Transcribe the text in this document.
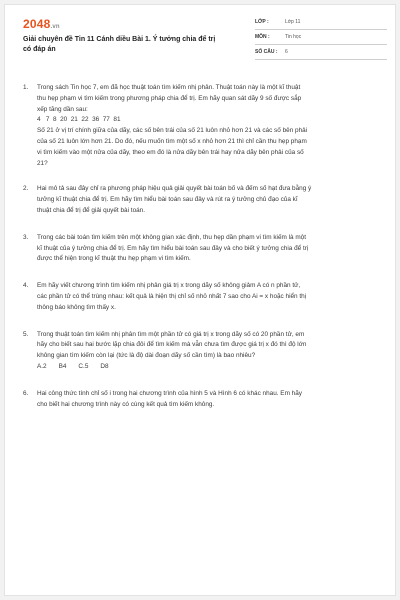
2048.vn
Giải chuyên đề Tin 11 Cánh diều Bài 1. Ý tưởng chia để trị
có đáp án
LỚP :	Lớp 11
MÔN :	Tin học
SỐ CÂU :	6
1.	Trong sách Tin học 7, em đã học thuật toán tìm kiếm nhị phân. Thuật toán này là một kĩ thuật
thu hẹp phạm vi tìm kiếm trong phương pháp chia để trị. Em hãy quan sát dãy 9 số được sắp
xếp tăng dần sau:
4   7  8  20  21  22  36  77  81
Số 21 ở vị trí chính giữa của dãy, các số bên trái của số 21 luôn nhỏ hơn 21 và các số bên phải
của số 21 luôn lớn hơn 21. Do đó, nếu muốn tìm một số x nhỏ hơn 21 thì chỉ cần thu hẹp phạm
vi tìm kiếm vào một nửa của dãy, theo em đó là nửa dãy bên trái hay nửa dãy bên phải của số
21?
2.	Hai mô tả sau đây chỉ ra phương pháp hiệu quả giải quyết bài toán bố và đếm số hạt đưa bằng ý
tưởng kĩ thuật chia để trị. Em hãy tìm hiểu bài toán sau đây và rút ra ý tưởng chủ đạo của kĩ
thuật chia để trị để giải quyết bài toán.
3.	Trong các bài toán tìm kiếm trên một không gian xác định, thu hẹp dần phạm vi tìm kiếm là một
kĩ thuật của ý tưởng chia để trị. Em hãy tìm hiểu bài toán sau đây và cho biết ý tưởng chia để trị
được thể hiện trong kĩ thuật thu hẹp phạm vi tìm kiếm.
4.	Em hãy viết chương trình tìm kiếm nhị phân giá trị x trong dãy số không giảm A có n phần tử,
các phần tử có thể trùng nhau: kết quả là hiện thị chỉ số nhỏ nhất 7 sao cho Ai = x hoặc hiển thị
thông báo không tìm thấy x.
5.	Trong thuật toán tìm kiếm nhị phân tìm một phần tử có giá trị x trong dãy số có 20 phần tử, em
hãy cho biết sau hai bước lặp chia đôi để tìm kiếm mà vẫn chưa tìm được giá trị x đó thì độ lớn
không gian tìm kiếm còn lại (tức là độ dài đoạn dãy số cần tìm) là bao nhiêu?
A.2 B4 C.5 D8
6.	Hai công thức tính chỉ số i trong hai chương trình của hình 5 và Hình 6 có khác nhau. Em hãy
cho biết hai chương trình này có cùng kết quả tìm kiếm không.
